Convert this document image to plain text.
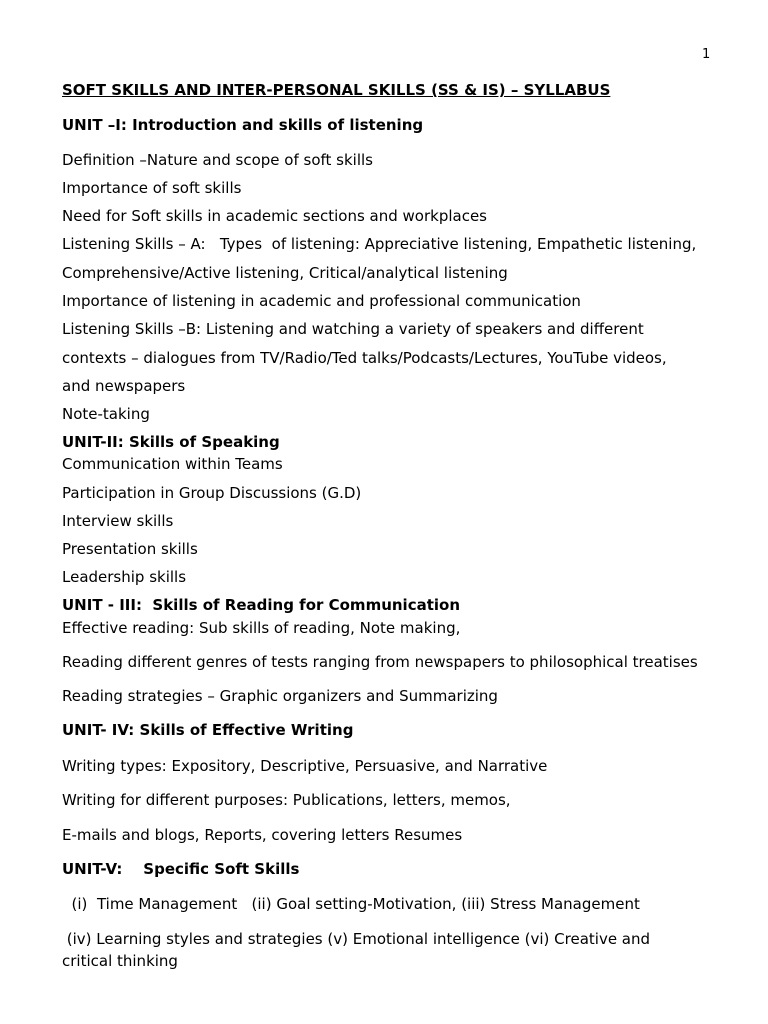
1
SOFT SKILLS AND INTER-PERSONAL SKILLS (SS & IS) – SYLLABUS
UNIT –I: Introduction and skills of listening
Definition –Nature and scope of soft skills
Importance of soft skills
Need for Soft skills in academic sections and workplaces
Listening Skills – A:   Types  of listening: Appreciative listening, Empathetic listening,
Comprehensive/Active listening, Critical/analytical listening
Importance of listening in academic and professional communication
Listening Skills –B: Listening and watching a variety of speakers and different
contexts – dialogues from TV/Radio/Ted talks/Podcasts/Lectures, YouTube videos,
and newspapers
Note-taking
UNIT-II: Skills of Speaking
Communication within Teams
Participation in Group Discussions (G.D)
Interview skills
Presentation skills
Leadership skills
UNIT - III:  Skills of Reading for Communication
Effective reading: Sub skills of reading, Note making,
Reading different genres of tests ranging from newspapers to philosophical treatises
Reading strategies – Graphic organizers and Summarizing
UNIT- IV: Skills of Effective Writing
Writing types: Expository, Descriptive, Persuasive, and Narrative
Writing for different purposes: Publications, letters, memos,
E-mails and blogs, Reports, covering letters Resumes
UNIT-V:    Specific Soft Skills
(i)  Time Management   (ii) Goal setting-Motivation, (iii) Stress Management
(iv) Learning styles and strategies (v) Emotional intelligence (vi) Creative and
critical thinking
